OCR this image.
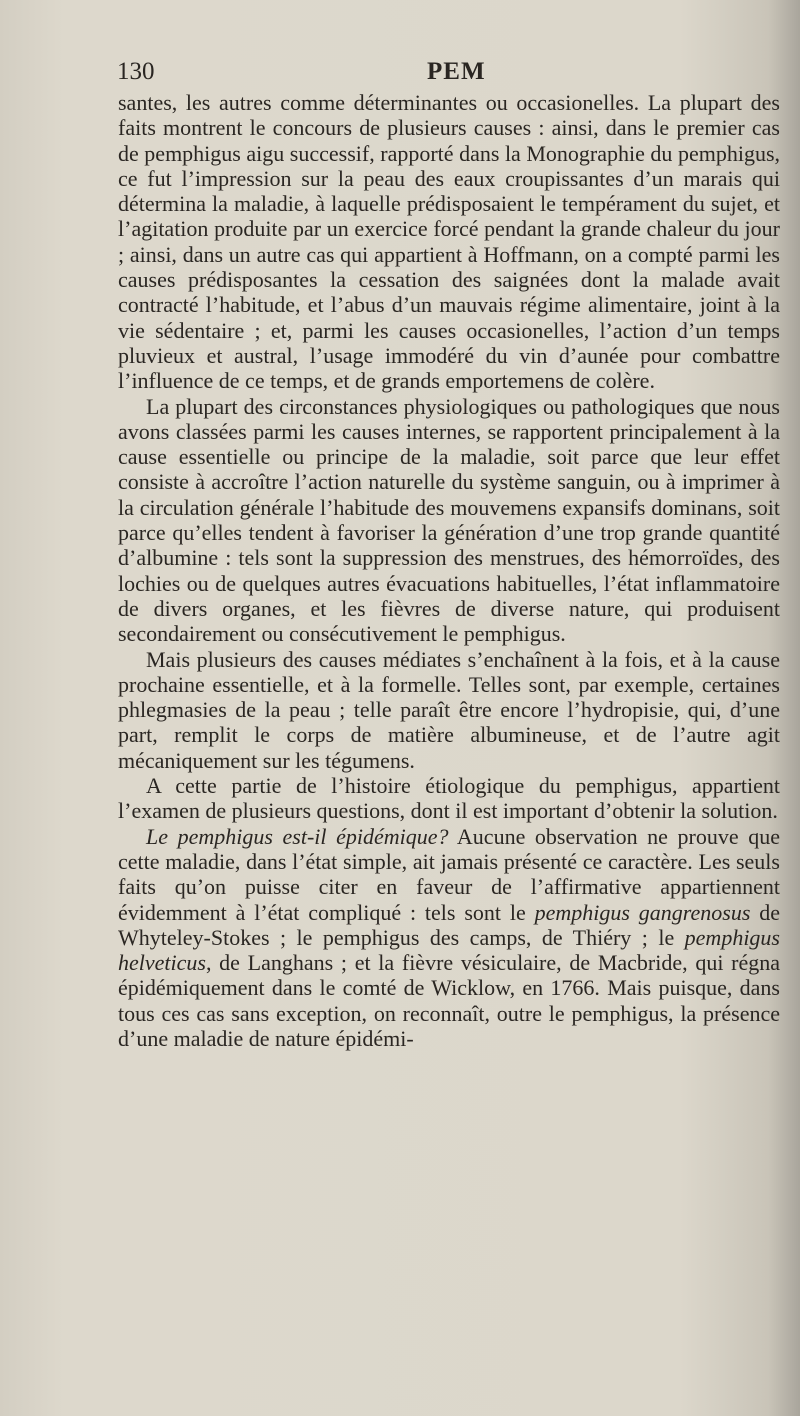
130	PEM

santes, les autres comme déterminantes ou occasionelles. La plupart des faits montrent le concours de plusieurs causes : ainsi, dans le premier cas de pemphigus aigu successif, rapporté dans la Monographie du pemphigus, ce fut l’impression sur la peau des eaux croupissantes d’un marais qui détermina la maladie, à laquelle prédisposaient le tempérament du sujet, et l’agitation produite par un exercice forcé pendant la grande chaleur du jour ; ainsi, dans un autre cas qui appartient à Hoffmann, on a compté parmi les causes prédisposantes la cessation des saignées dont la malade avait contracté l’habitude, et l’abus d’un mauvais régime alimentaire, joint à la vie sédentaire ; et, parmi les causes occasionelles, l’action d’un temps pluvieux et austral, l’usage immodéré du vin d’aunée pour combattre l’influence de ce temps, et de grands emportemens de colère.

La plupart des circonstances physiologiques ou pathologiques que nous avons classées parmi les causes internes, se rapportent principalement à la cause essentielle ou principe de la maladie, soit parce que leur effet consiste à accroître l’action naturelle du système sanguin, ou à imprimer à la circulation générale l’habitude des mouvemens expansifs dominans, soit parce qu’elles tendent à favoriser la génération d’une trop grande quantité d’albumine : tels sont la suppression des menstrues, des hémorroïdes, des lochies ou de quelques autres évacuations habituelles, l’état inflammatoire de divers organes, et les fièvres de diverse nature, qui produisent secondairement ou consécutivement le pemphigus.

Mais plusieurs des causes médiates s’enchaînent à la fois, et à la cause prochaine essentielle, et à la formelle. Telles sont, par exemple, certaines phlegmasies de la peau ; telle paraît être encore l’hydropisie, qui, d’une part, remplit le corps de matière albumineuse, et de l’autre agit mécaniquement sur les tégumens.

A cette partie de l’histoire étiologique du pemphigus, appartient l’examen de plusieurs questions, dont il est important d’obtenir la solution.

Le pemphigus est-il épidémique? Aucune observation ne prouve que cette maladie, dans l’état simple, ait jamais présenté ce caractère. Les seuls faits qu’on puisse citer en faveur de l’affirmative appartiennent évidemment à l’état compliqué : tels sont le pemphigus gangrenosus de Whyteley-Stokes ; le pemphigus des camps, de Thiéry ; le pemphigus helveticus, de Langhans ; et la fièvre vésiculaire, de Macbride, qui régna épidémiquement dans le comté de Wicklow, en 1766. Mais puisque, dans tous ces cas sans exception, on reconnaît, outre le pemphigus, la présence d’une maladie de nature épidémi-
